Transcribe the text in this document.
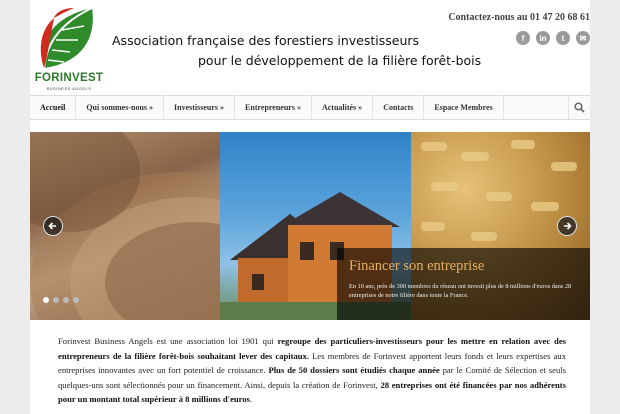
FORINVEST
BUSINESS ANGELS
Association française des forestiers investisseurs
pour le développement de la filière forêt-bois
Contactez-nous au 01 47 20 68 61
f	in	t	✉
Accueil	Qui sommes-nous »	Investisseurs »	Entrepreneurs »	Actualités »	Contacts	Espace Membres
Financer son entreprise
En 10 ans, près de 300 membres du réseau ont investi plus de 8 millions d'euros dans 28 entreprises de notre filière dans toute la France.

Forinvest Business Angels est une association loi 1901 qui regroupe des particuliers-investisseurs pour les mettre en relation avec des entrepreneurs de la filière forêt-bois souhaitant lever des capitaux. Les membres de Forinvest apportent leurs fonds et leurs expertises aux entreprises innovantes avec un fort potentiel de croissance. Plus de 50 dossiers sont étudiés chaque année par le Comité de Sélection et seuls quelques-uns sont sélectionnés pour un financement. Ainsi, depuis la création de Forinvest, 28 entreprises ont été financées par nos adhérents pour un montant total supérieur à 8 millions d'euros.
